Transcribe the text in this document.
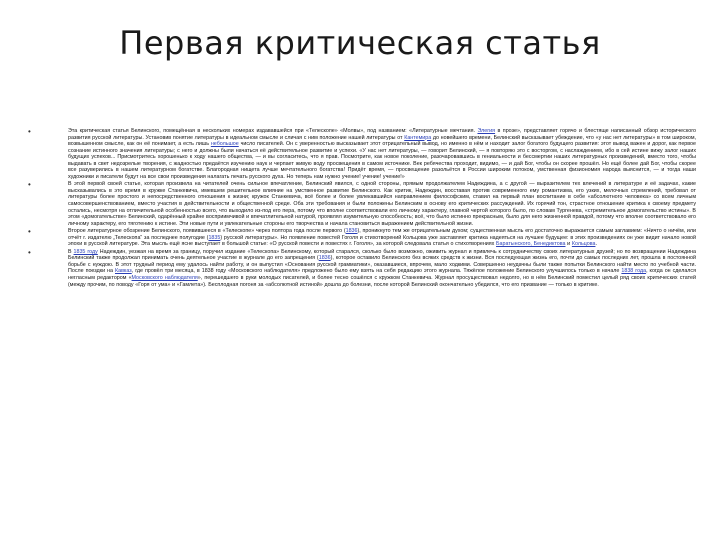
Первая критическая статья
•	Эта критическая статья Белинского, помещённая в нескольких номерах издававшейся при «Телескопе» «Молвы», под названием: «Литературные мечтания. Элегия в прозе», представляет горячо и блестяще написанный обзор исторического развития русской литературы. Установив понятие литературы в идеальном смысле и сличая с ним положение нашей литературы от Кантемира до новейшего времени, Белинский высказывает убеждение, что «у нас нет литературы» в том широком, возвышенном смысле, как он её понимает, а есть лишь небольшое число писателей. Он с уверенностью высказывает этот отрицательный вывод, но именно в нём и находит залог богатого будущего развития: этот вывод важен и дорог, как первое сознание истинного значения литературы; с него и должны были начаться её действительное развитие и успехи. «У нас нет литературы, — говорит Белинский, — я повторяю это с восторгом, с наслаждением, ибо в сей истине вижу залог наших будущих успехов... Присмотритесь хорошенько к ходу нашего общества, — и вы согласитесь, что я прав. Посмотрите, как новое поколение, разочаровавшись в гениальности и бессмертии наших литературных произведений, вместо того, чтобы выдавать в свет недозрелые творения, с жадностью предаётся изучению наук и черпает живую воду просвещения в самом источнике. Век ребячества проходит, видимо, — и дай Бог, чтобы он скорее прошёл. Но ещё более дай Бог, чтобы скорее все разуверились в нашем литературном богатстве. Благородная нищета лучше мечтательного богатства! Придёт время, — просвещение разольётся в России широким потоком, умственная физиономия народа выяснится, — и тогда наши художники и писатели будут на все свои произведения налагать печать русского духа. Но теперь нам нужно учение! учение! учение!»
•	В этой первой своей статье, которая произвела на читателей очень сильное впечатление, Белинский явился, с одной стороны, прямым продолжателем Надеждина, а с другой — выразителем тех влечений в литературе и её задачах, какие высказывались в это время в кружке Станкевича, имевшем решительное влияние на умственное развитие Белинского. Как критик, Надеждин, восставая против современного ему романтизма, его узких, мелочных стремлений, требовал от литературы более простого и непосредственного отношения к жизни; кружок Станкевича, всё более и более увлекавшийся направлением философским, ставил на первый план воспитание в себе «абсолютного человека» со всем личным самосовершенствованием, вместо участия в действительности и общественной среде. Оба эти требования и были положены Белинским в основу его критических рассуждений. Их горячий тон, страстное отношение критика к своему предмету остались, несмотря на отличительной особенностью всего, что выходило из-под его пера, потому что вполне соответствовали его личному характеру, главной чертой которого было, по словам Тургенева, «стремительное домогательство истины». В этом «домогательстве» Белинский, одарённый крайне восприимчивой и впечатлительной натурой, проявлял изумительную способность; всё, что было истинно прекрасным, было для него жизненной правдой, потому что вполне соответствовало его личному характеру, его тяготению к истине. Эти новые пути и увлекательные стороны его творчества и начала становиться выражением действительной жизни.
•	Второе литературное обозрение Белинского, появившееся в «Телескопе» через полтора года после первого (1836), проникнуто тем же отрицательным духом; существенная мысль его достаточно выражается самым заглавием: «Ничто о ничём, или отчёт г. издателю „Телескопа“ за последнее полугодие (1835) русской литературы». Но появление повестей Гоголя и стихотворений Кольцова уже заставляет критика надеяться на лучшее будущее: в этих произведениях он уже видит начало новой эпохи в русской литературе. Эта мысль ещё ясне выступает в большой статье: «О русской повести и повестях г. Гоголя», за которой следовала статья о стихотворениях Баратынского, Бенедиктова и Кольцова.
•	В 1835 году Надеждин, уезжая на время за границу, поручил издание «Телескопа» Белинскому, который старался, сколько было возможно, оживить журнал и привлечь к сотрудничеству своих литературных друзей; но по возвращении Надеждина Белинский также продолжал принимать очень деятельное участие в журнале до его запрещения (1836), которое оставило Белинского без всяких средств к жизни. Вся последующая жизнь его, почти до самых последних лет, прошла в постоянной борьбе с нуждою. В этот трудный период ему удалось найти работу, и он выпустил «Основания русской грамматики», оказавшиеся, впрочем, мало ходкими. Совершенно неудачны были также попытки Белинского найти место по учебной части. После поездки на Кавказ, где провёл три месяца, в 1838 году «Московского наблюдателя» предложено было ему взять на себя редакцию этого журнала. Тяжёлое положение Белинского улучшилось только в начале 1838 года, когда он сделался негласным редактором «Московского наблюдателя», перешедшего в руки молодых писателей, и более тесно сошёлся с кружком Станкевича. Журнал просуществовал недолго, но в нём Белинский поместил целый ряд своих критических статей (между прочим, по поводу «Горя от ума» и «Гамлета»). Бесплодная погоня за «абсолютной истиной» дошла до болезни, после которой Белинский окончательно убедился, что его призвание — только в критике.
